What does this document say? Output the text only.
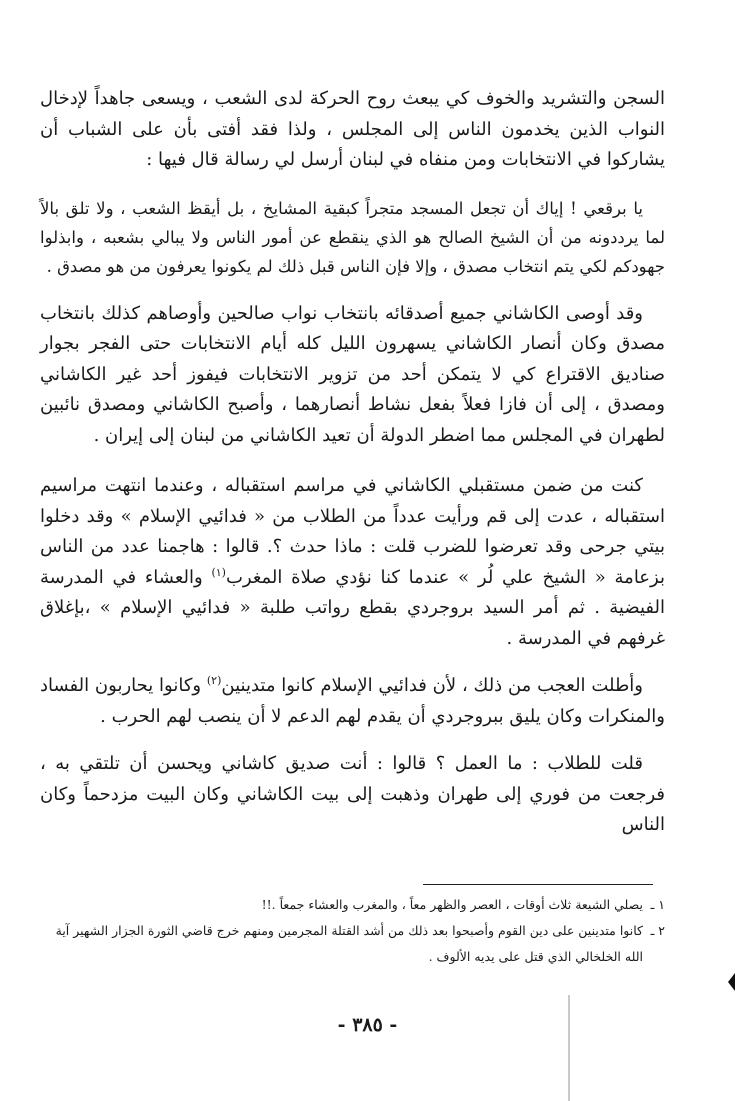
السجن والتشريد والخوف كي يبعث روح الحركة لدى الشعب ، ويسعى جاهداً لإدخال النواب الذين يخدمون الناس إلى المجلس ، ولذا فقد أفتى بأن على الشباب أن يشاركوا في الانتخابات ومن منفاه في لبنان أرسل لي رسالة قال فيها :

يا برقعي ! إياك أن تجعل المسجد متجراً كبقية المشايخ ، بل أيقظ الشعب ، ولا تلق بالاً لما يرددونه من أن الشيخ الصالح هو الذي ينقطع عن أمور الناس ولا يبالي بشعبه ، وابذلوا جهودكم لكي يتم انتخاب مصدق ، وإلا فإن الناس قبل ذلك لم يكونوا يعرفون من هو مصدق .

وقد أوصى الكاشاني جميع أصدقائه بانتخاب نواب صالحين وأوصاهم كذلك بانتخاب مصدق وكان أنصار الكاشاني يسهرون الليل كله أيام الانتخابات حتى الفجر بجوار صناديق الاقتراع كي لا يتمكن أحد من تزوير الانتخابات فيفوز أحد غير الكاشاني ومصدق ، إلى أن فازا فعلاً بفعل نشاط أنصارهما ، وأصبح الكاشاني ومصدق نائبين لطهران في المجلس مما اضطر الدولة أن تعيد الكاشاني من لبنان إلى إيران .

كنت من ضمن مستقبلي الكاشاني في مراسم استقباله ، وعندما انتهت مراسيم استقباله ، عدت إلى قم ورأيت عدداً من الطلاب من « فدائيي الإسلام » وقد دخلوا بيتي جرحى وقد تعرضوا للضرب قلت : ماذا حدث ؟. قالوا : هاجمنا عدد من الناس بزعامة « الشيخ علي لُر » عندما كنا نؤدي صلاة المغرب$^{(١)}$ والعشاء في المدرسة الفيضية . ثم أمر السيد بروجردي بقطع رواتب طلبة « فدائيي الإسلام » ،بإغلاق غرفهم في المدرسة .

وأطلت العجب من ذلك ، لأن فدائيي الإسلام كانوا متدينين$^{(٢)}$ وكانوا يحاربون الفساد والمنكرات وكان يليق ببروجردي أن يقدم لهم الدعم لا أن ينصب لهم الحرب .

قلت للطلاب : ما العمل ؟ قالوا : أنت صديق كاشاني ويحسن أن تلتقي به ، فرجعت من فوري إلى طهران وذهبت إلى بيت الكاشاني وكان البيت مزدحماً وكان الناس

١ ـيصلي الشيعة ثلاث أوقات ، العصر والظهر معاً ، والمغرب والعشاء جمعاً .!!

٢ ـكانوا متدينين على دين القوم وأصبحوا بعد ذلك من أشد القتلة المجرمين ومنهم خرج قاضي الثورة الجزار الشهير آية

الله الخلخالي الذي قتل على يديه الألوف .

- ٣٨٥ -
